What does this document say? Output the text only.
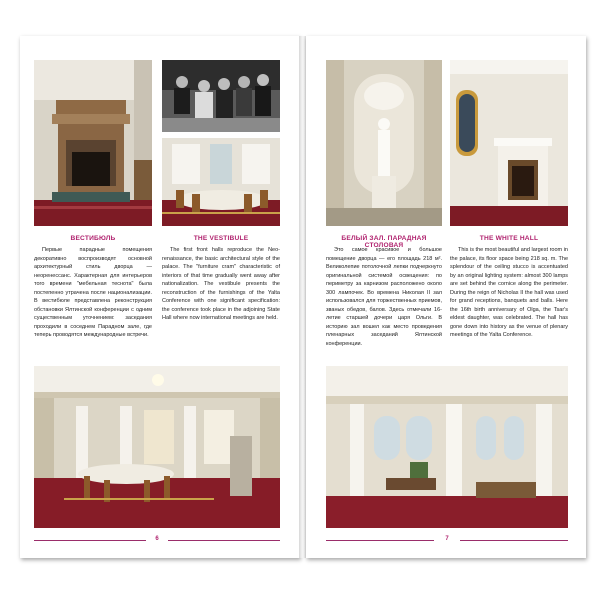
ВЕСТИБЮЛЬ	THE VESTIBULE
Первые парадные помещения декоративно воспроизводят основной архитектурный стиль дворца — неоренессанс. Характерная для интерьеров того времени "мебельная теснота" была постепенно утрачена после национализации. В вестибюле представлена реконструкция обстановки Ялтинской конференции с одним существенным уточнением: заседания проходили в соседнем Парадном зале, где теперь проводятся международные встречи.
The first front halls reproduce the Neo-renaissance, the basic architectural style of the palace. The "furniture cram" characteristic of interiors of that time gradually went away after nationalization. The vestibule presents the reconstruction of the furnishings of the Yalta Conference with one significant specification: the conference took place in the adjoining State Hall where now international meetings are held.
6
БЕЛЫЙ ЗАЛ. ПАРАДНАЯ СТОЛОВАЯ
THE WHITE HALL
Это самое красивое и большое помещение дворца — его площадь 218 м². Великолепие потолочной лепки подчеркнуто оригинальной системой освещения: по периметру за карнизом расположено около 300 лампочек. Во времена Николая II зал использовался для торжественных приемов, званых обедов, балов. Здесь отмечали 16-летие старшей дочери царя Ольги. В историю зал вошел как место проведения пленарных заседаний Ялтинской конференции.
This is the most beautiful and largest room in the palace, its floor space being 218 sq. m. The splendour of the ceiling stucco is accentuated by an original lighting system: almost 300 lamps are set behind the cornice along the perimeter. During the reign of Nicholas II the hall was used for grand receptions, banquets and balls. Here the 16th birth anniversary of Olga, the Tsar's eldest daughter, was celebrated. The hall has gone down into history as the venue of plenary meetings of the Yalta Conference.
7
